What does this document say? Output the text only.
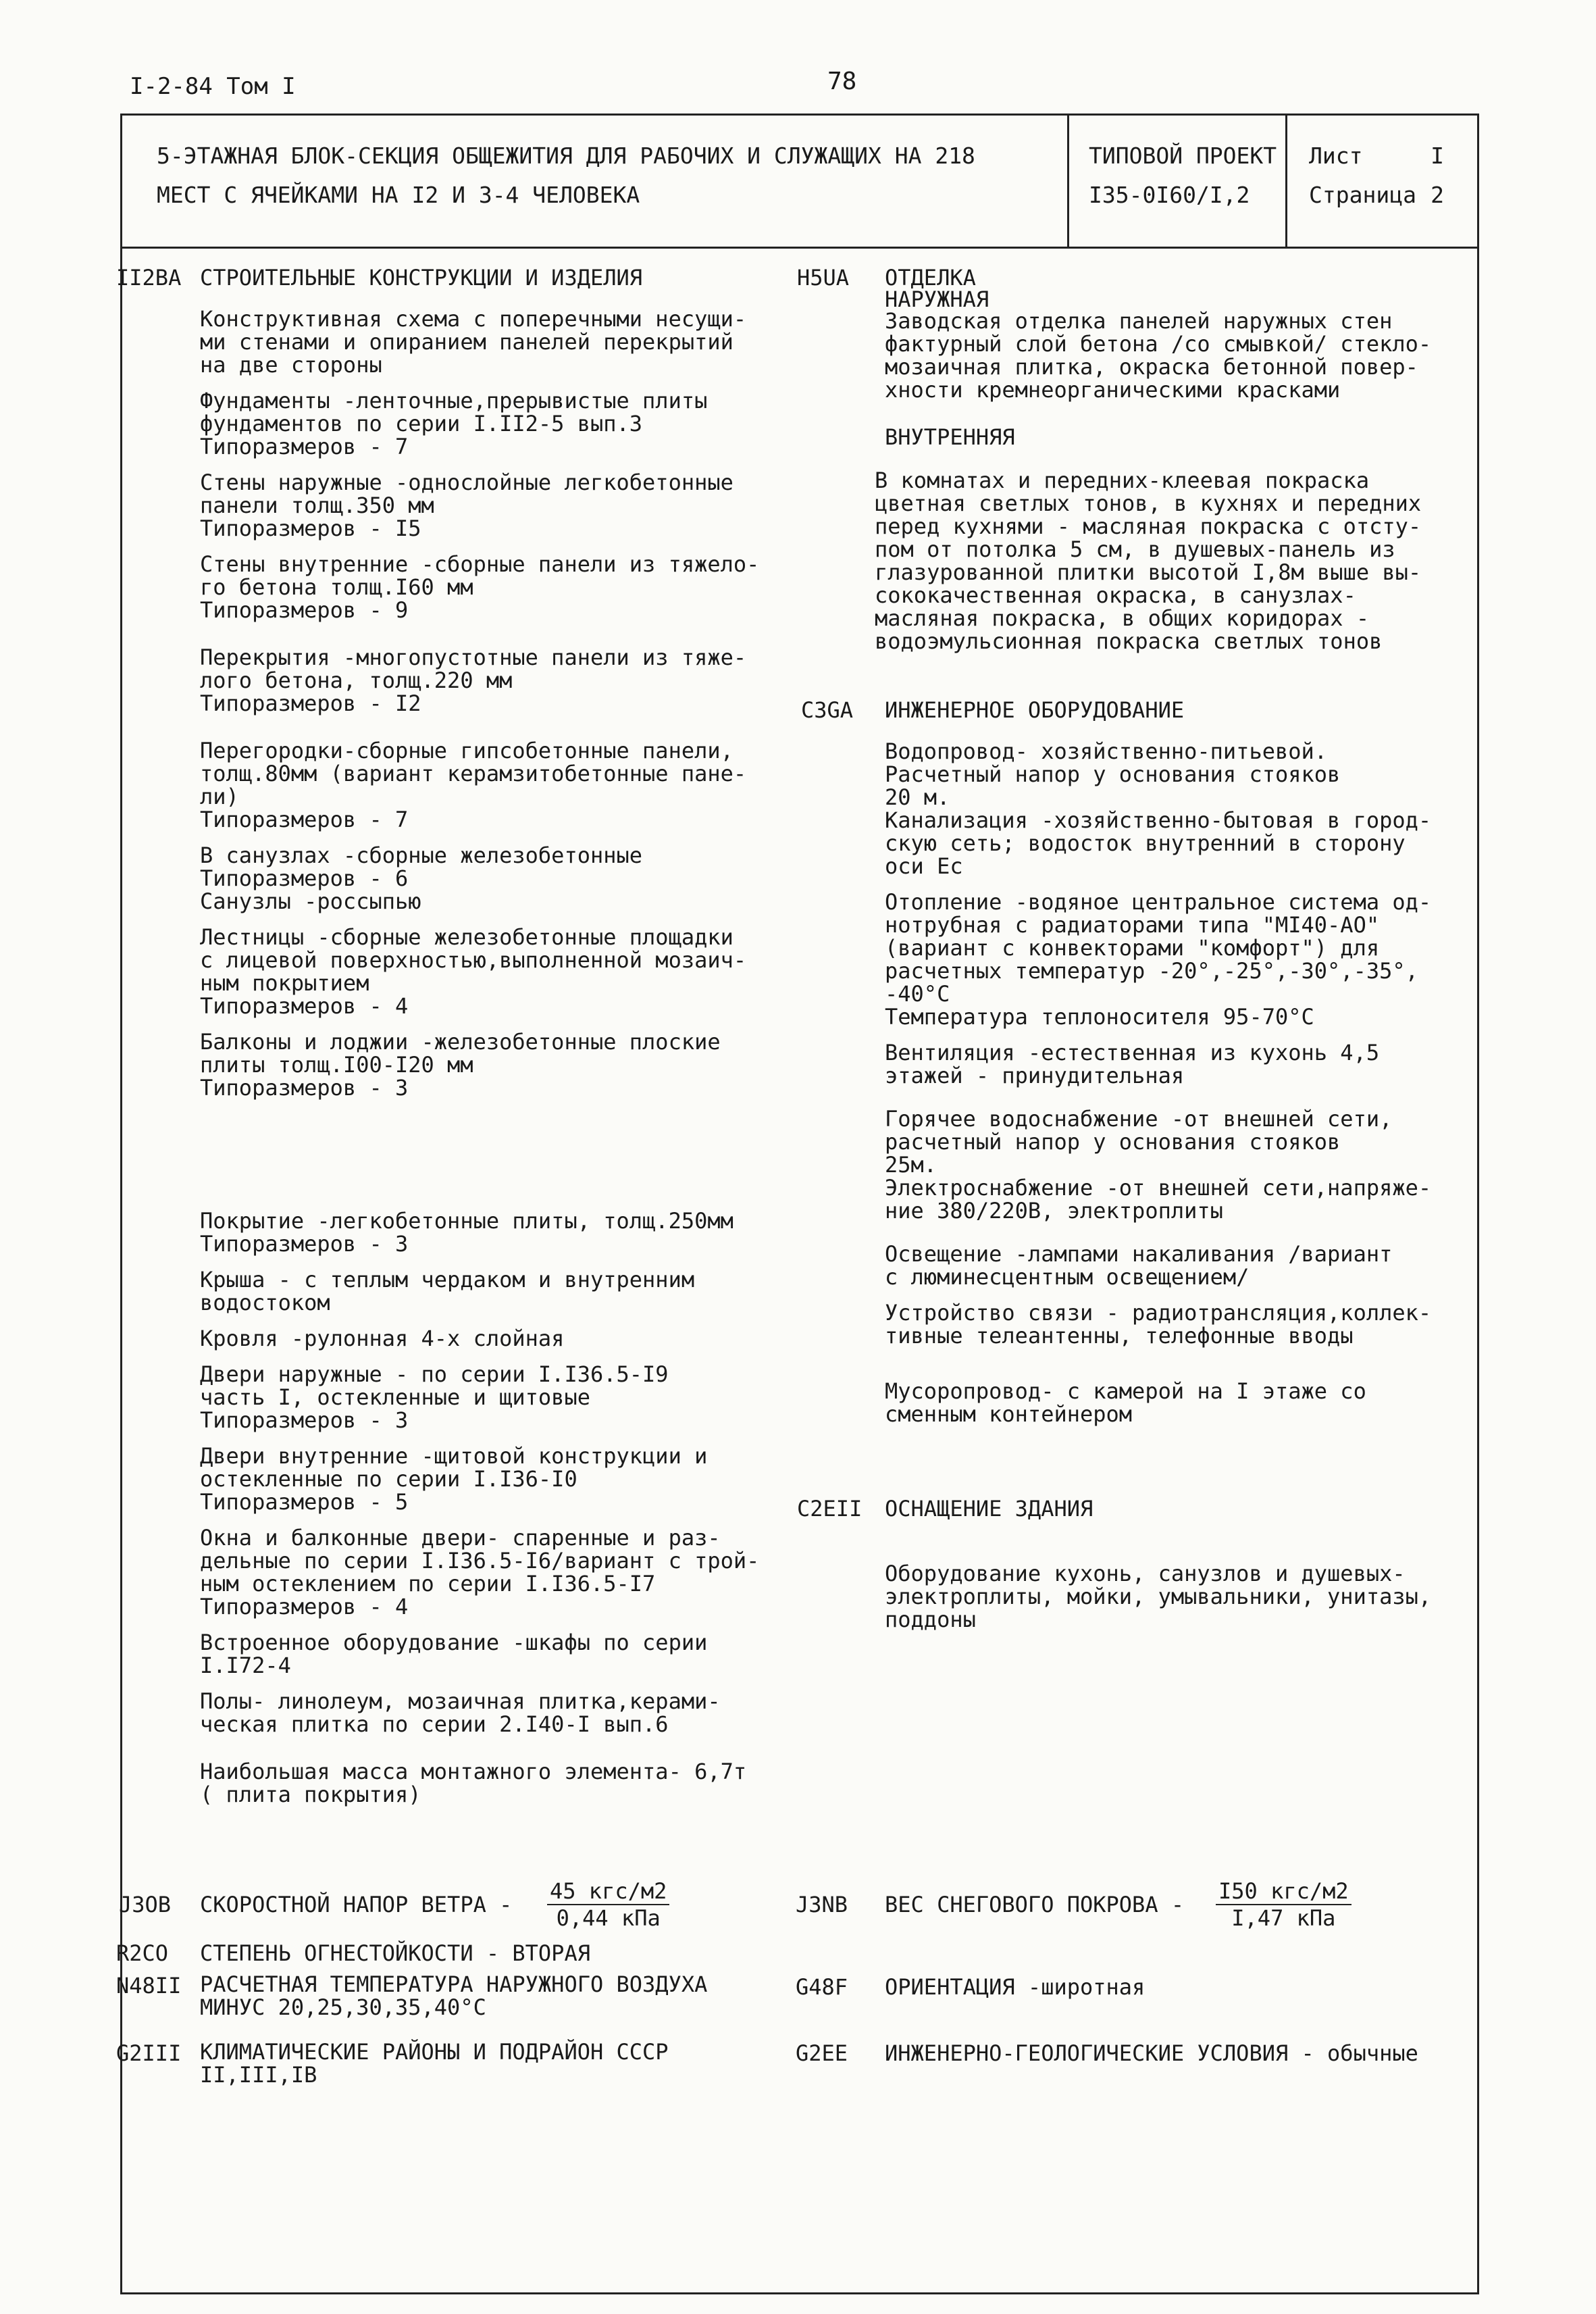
I-2-84 Том I	78
5-ЭТАЖНАЯ БЛОК-СЕКЦИЯ ОБЩЕЖИТИЯ ДЛЯ РАБОЧИХ И СЛУЖАЩИХ НА 218
МЕСТ С ЯЧЕЙКАМИ НА I2 И 3-4 ЧЕЛОВЕКА
ТИПОВОЙ ПРОЕКТ
I35-0I60/I,2
Лист	I
Страница 2
II2BA СТРОИТЕЛЬНЫЕ КОНСТРУКЦИИ И ИЗДЕЛИЯ

Конструктивная схема с поперечными несущи-
ми стенами и опиранием панелей перекрытий
на две стороны

Фундаменты -ленточные,прерывистые плиты
фундаментов по серии I.II2-5 вып.3
Типоразмеров - 7

Стены наружные -однослойные легкобетонные
панели толщ.350 мм
Типоразмеров - I5

Стены внутренние -сборные панели из тяжело-
го бетона толщ.I60 мм
Типоразмеров - 9

Перекрытия -многопустотные панели из тяже-
лого бетона, толщ.220 мм
Типоразмеров - I2

Перегородки-сборные гипсобетонные панели,
толщ.80мм (вариант керамзитобетонные пане-
ли)
Типоразмеров - 7

В санузлах -сборные железобетонные
Типоразмеров - 6
Санузлы -россыпью

Лестницы -сборные железобетонные площадки
с лицевой поверхностью,выполненной мозаич-
ным покрытием
Типоразмеров - 4

Балконы и лоджии -железобетонные плоские
плиты толщ.I00-I20 мм
Типоразмеров - 3

Покрытие -легкобетонные плиты, толщ.250мм
Типоразмеров - 3

Крыша - с теплым чердаком и внутренним
водостоком

Кровля -рулонная 4-х слойная

Двери наружные - по серии I.I36.5-I9
часть I, остекленные и щитовые
Типоразмеров - 3

Двери внутренние -щитовой конструкции и
остекленные по серии I.I36-I0
Типоразмеров - 5

Окна и балконные двери- спаренные и раз-
дельные по серии I.I36.5-I6/вариант с трой-
ным остеклением по серии I.I36.5-I7
Типоразмеров - 4

Встроенное оборудование -шкафы по серии
I.I72-4

Полы- линолеум, мозаичная плитка,керами-
ческая плитка по серии 2.I40-I вып.6

Наибольшая масса монтажного элемента- 6,7т
( плита покрытия)

H5UA ОТДЕЛКА
НАРУЖНАЯ
Заводская отделка панелей наружных стен
фактурный слой бетона /со смывкой/ стекло-
мозаичная плитка, окраска бетонной повер-
хности кремнеорганическими красками
ВНУТРЕННЯЯ
В комнатах и передних-клеевая покраска
цветная светлых тонов, в кухнях и передних
перед кухнями - масляная покраска с отсту-
пом от потолка 5 см, в душевых-панель из
глазурованной плитки высотой I,8м выше вы-
сококачественная окраска, в санузлах-
масляная покраска, в общих коридорах -
водоэмульсионная покраска светлых тонов
C3GA ИНЖЕНЕРНОЕ ОБОРУДОВАНИЕ

Водопровод- хозяйственно-питьевой.
Расчетный напор у основания стояков
20 м.
Канализация -хозяйственно-бытовая в город-
скую сеть; водосток внутренний в сторону
оси Ес

Отопление -водяное центральное система од-
нотрубная с радиаторами типа "МI40-АО"
(вариант с конвекторами "комфорт") для
расчетных температур -20°,-25°,-30°,-35°,
-40°С
Температура теплоносителя 95-70°С

Вентиляция -естественная из кухонь 4,5
этажей - принудительная

Горячее водоснабжение -от внешней сети,
расчетный напор у основания стояков
25м.
Электроснабжение -от внешней сети,напряже-
ние 380/220В, электроплиты

Освещение -лампами накаливания /вариант
с люминесцентным освещением/

Устройство связи - радиотрансляция,коллек-
тивные телеантенны, телефонные вводы

Мусоропровод- с камерой на I этаже со
сменным контейнером

C2EII ОСНАЩЕНИЕ ЗДАНИЯ
Оборудование кухонь, санузлов и душевых-
электроплиты, мойки, умывальники, унитазы,
поддоны
J3OB СКОРОСТНОЙ НАПОР ВЕТРА -
45 кгс/м2
0,44 кПа
J3NB ВЕС СНЕГОВОГО ПОКРОВА -
I50 кгс/м2
I,47 кПа
R2CO СТЕПЕНЬ ОГНЕСТОЙКОСТИ - ВТОРАЯ
N48II РАСЧЕТНАЯ ТЕМПЕРАТУРА НАРУЖНОГО ВОЗДУХА
МИНУС 20,25,30,35,40°С
G48F ОРИЕНТАЦИЯ -широтная
G2III КЛИМАТИЧЕСКИЕ РАЙОНЫ И ПОДРАЙОН СССР
II,III,IB
G2EE ИНЖЕНЕРНО-ГЕОЛОГИЧЕСКИЕ УСЛОВИЯ - обычные
